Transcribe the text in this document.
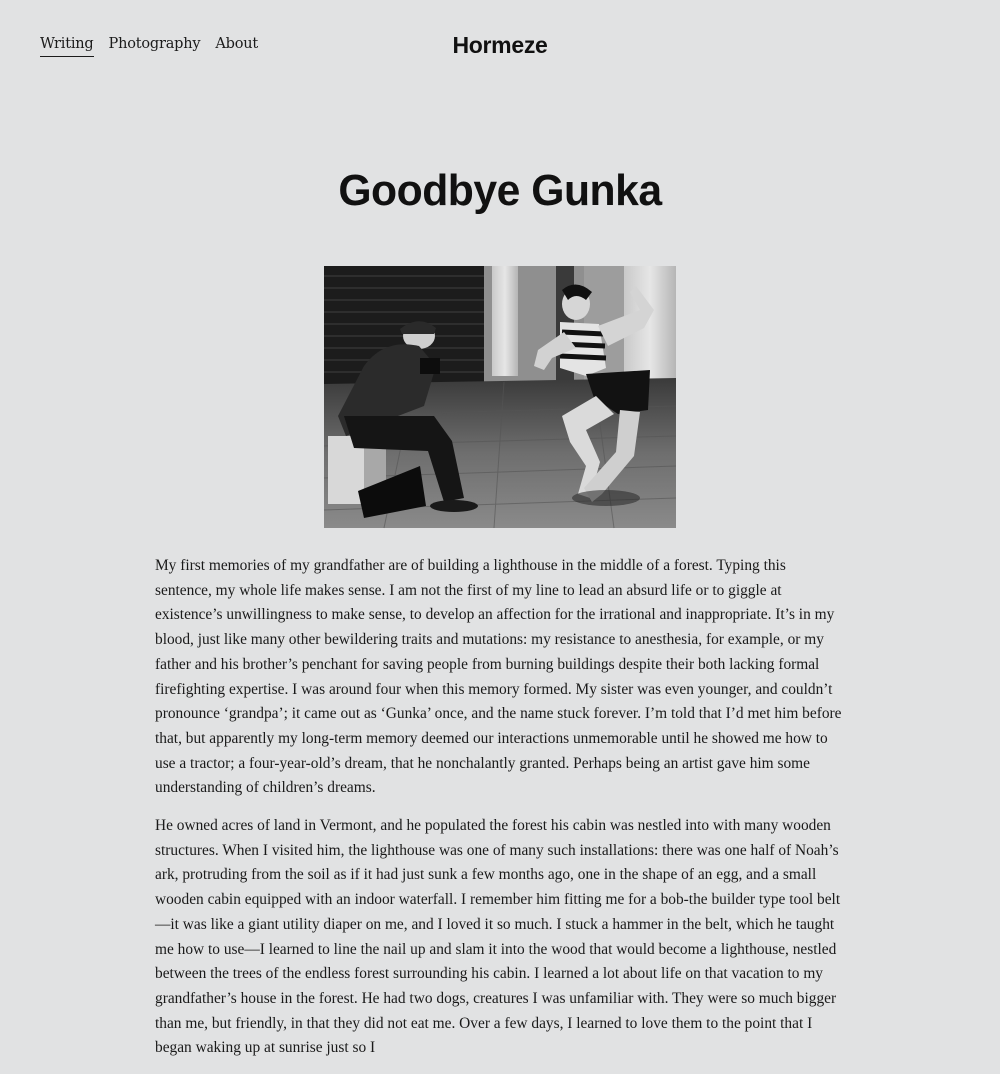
Writing Photography About	Hormeze
Goodbye Gunka

My first memories of my grandfather are of building a lighthouse in the middle of a forest. Typing this sentence, my whole life makes sense. I am not the first of my line to lead an absurd life or to giggle at existence’s unwillingness to make sense, to develop an affection for the irrational and inappropriate. It’s in my blood, just like many other bewildering traits and mutations: my resistance to anesthesia, for example, or my father and his brother’s penchant for saving people from burning buildings despite their both lacking formal firefighting expertise. I was around four when this memory formed. My sister was even younger, and couldn’t pronounce ‘grandpa’; it came out as ‘Gunka’ once, and the name stuck forever. I’m told that I’d met him before that, but apparently my long-term memory deemed our interactions unmemorable until he showed me how to use a tractor; a four-year-old’s dream, that he nonchalantly granted. Perhaps being an artist gave him some understanding of children’s dreams.

He owned acres of land in Vermont, and he populated the forest his cabin was nestled into with many wooden structures. When I visited him, the lighthouse was one of many such installations: there was one half of Noah’s ark, protruding from the soil as if it had just sunk a few months ago, one in the shape of an egg, and a small wooden cabin equipped with an indoor waterfall. I remember him fitting me for a bob-the builder type tool belt—it was like a giant utility diaper on me, and I loved it so much. I stuck a hammer in the belt, which he taught me how to use—I learned to line the nail up and slam it into the wood that would become a lighthouse, nestled between the trees of the endless forest surrounding his cabin. I learned a lot about life on that vacation to my grandfather’s house in the forest. He had two dogs, creatures I was unfamiliar with. They were so much bigger than me, but friendly, in that they did not eat me. Over a few days, I learned to love them to the point that I began waking up at sunrise just so I
